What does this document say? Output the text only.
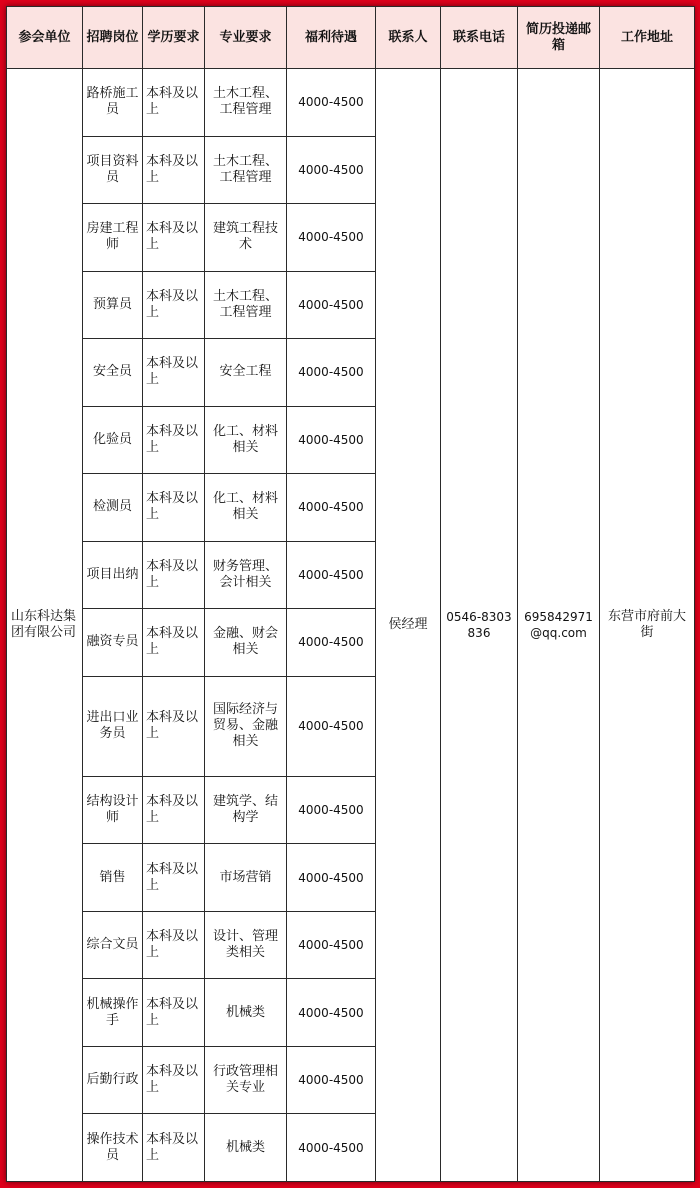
参会单位	招聘岗位	学历要求	专业要求	福利待遇	联系人	联系电话	简历投递邮箱	工作地址
山东科达集团有限公司	路桥施工员	本科及以上	土木工程、工程管理	4000-4500	侯经理	0546-8303836	695842971@qq.com	东营市府前大街
	项目资料员	本科及以上	土木工程、工程管理	4000-4500				
	房建工程师	本科及以上	建筑工程技术	4000-4500				
	预算员	本科及以上	土木工程、工程管理	4000-4500				
	安全员	本科及以上	安全工程	4000-4500				
	化验员	本科及以上	化工、材料相关	4000-4500				
	检测员	本科及以上	化工、材料相关	4000-4500				
	项目出纳	本科及以上	财务管理、会计相关	4000-4500				
	融资专员	本科及以上	金融、财会相关	4000-4500				
	进出口业务员	本科及以上	国际经济与贸易、金融相关	4000-4500				
	结构设计师	本科及以上	建筑学、结构学	4000-4500				
	销售	本科及以上	市场营销	4000-4500				
	综合文员	本科及以上	设计、管理类相关	4000-4500				
	机械操作手	本科及以上	机械类	4000-4500				
	后勤行政	本科及以上	行政管理相关专业	4000-4500				
	操作技术员	本科及以上	机械类	4000-4500				
